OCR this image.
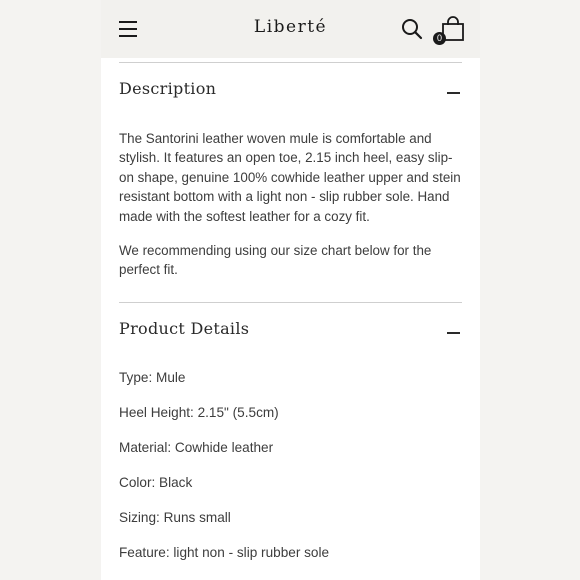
Liberté
0
Description
The Santorini leather woven mule is comfortable and stylish. It features an open toe, 2.15 inch heel, easy slip-on shape, genuine 100% cowhide leather upper and stein resistant bottom with a light non - slip rubber sole. Hand made with the softest leather for a cozy fit.
We recommending using our size chart below for the perfect fit.
Product Details
Type: Mule
Heel Height: 2.15" (5.5cm)
Material: Cowhide leather
Color: Black
Sizing: Runs small
Feature: light non - slip rubber sole
